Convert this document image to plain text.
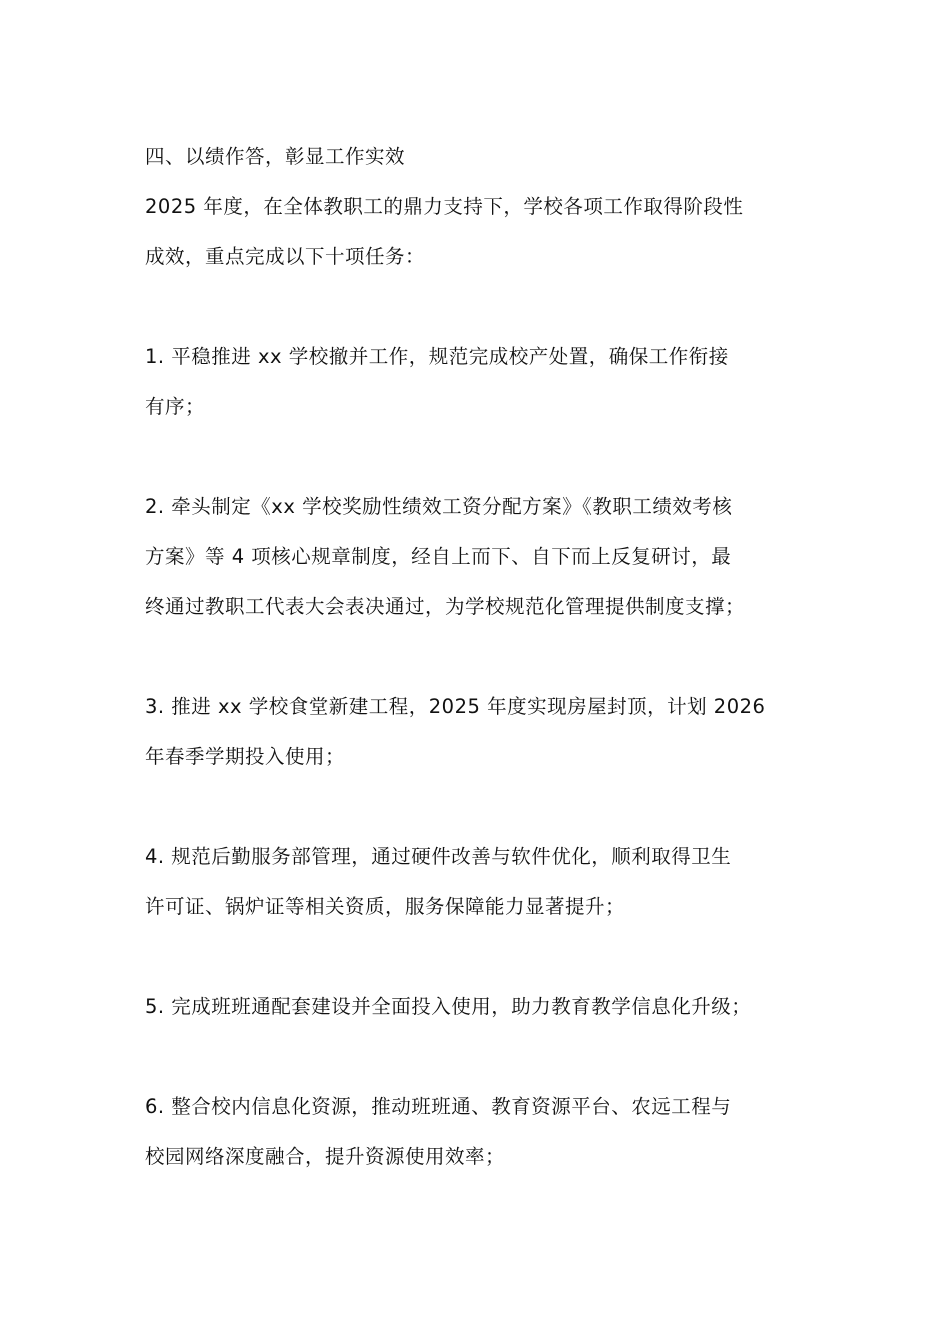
四、以绩作答，彰显工作实效
2025 年度，在全体教职工的鼎力支持下，学校各项工作取得阶段性
成效，重点完成以下十项任务：
1. 平稳推进 xx 学校撤并工作，规范完成校产处置，确保工作衔接
有序；
2. 牵头制定《xx 学校奖励性绩效工资分配方案》《教职工绩效考核
方案》等 4 项核心规章制度，经自上而下、自下而上反复研讨，最
终通过教职工代表大会表决通过，为学校规范化管理提供制度支撑；
3. 推进 xx 学校食堂新建工程，2025 年度实现房屋封顶，计划 2026
年春季学期投入使用；
4. 规范后勤服务部管理，通过硬件改善与软件优化，顺利取得卫生
许可证、锅炉证等相关资质，服务保障能力显著提升；
5. 完成班班通配套建设并全面投入使用，助力教育教学信息化升级；
6. 整合校内信息化资源，推动班班通、教育资源平台、农远工程与
校园网络深度融合，提升资源使用效率；
